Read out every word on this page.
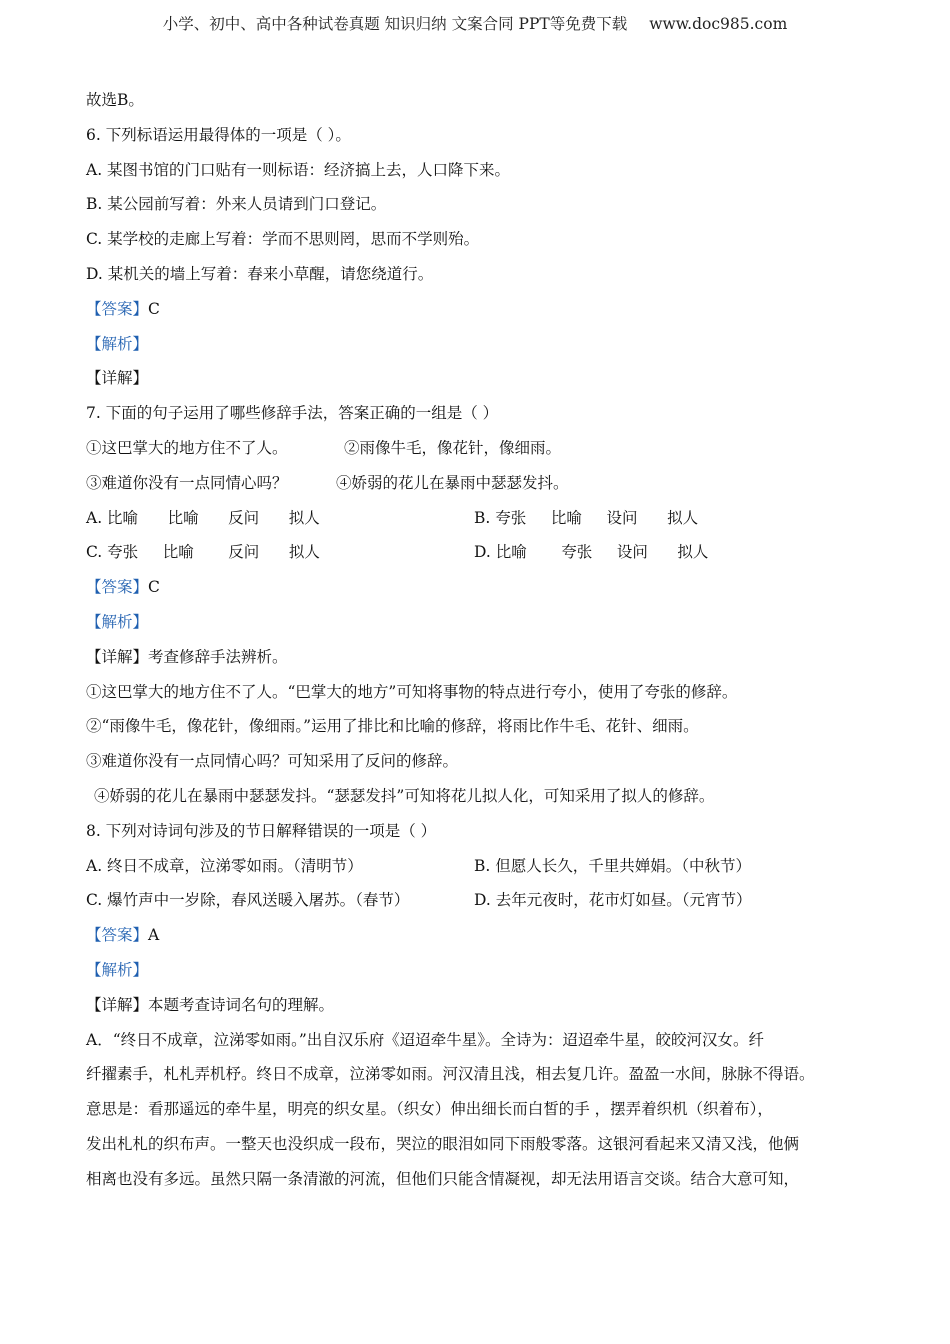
小学、初中、高中各种试卷真题 知识归纳 文案合同 PPT等免费下载 www.doc985.com
故选B。
6. 下列标语运用最得体的一项是（ ）。
A. 某图书馆的门口贴有一则标语：经济搞上去，人口降下来。
B. 某公园前写着：外来人员请到门口登记。
C. 某学校的走廊上写着：学而不思则罔，思而不学则殆。
D. 某机关的墙上写着：春来小草醒，请您绕道行。
【答案】C
【解析】
【详解】
7. 下面的句子运用了哪些修辞手法，答案正确的一组是（ ）
①这巴掌大的地方住不了人。	②雨像牛毛，像花针，像细雨。
③难道你没有一点同情心吗？	④娇弱的花儿在暴雨中瑟瑟发抖。
A. 比喻      比喻      反问      拟人	B. 夸张     比喻     设问      拟人
C. 夸张     比喻       反问      拟人	D. 比喻       夸张     设问      拟人
【答案】C
【解析】
【详解】考查修辞手法辨析。
①这巴掌大的地方住不了人。“巴掌大的地方”可知将事物的特点进行夸小，使用了夸张的修辞。
②“雨像牛毛，像花针，像细雨。”运用了排比和比喻的修辞，将雨比作牛毛、花针、细雨。
③难道你没有一点同情心吗？可知采用了反问的修辞。
④娇弱的花儿在暴雨中瑟瑟发抖。“瑟瑟发抖”可知将花儿拟人化，可知采用了拟人的修辞。
8. 下列对诗词句涉及的节日解释错误的一项是（ ）
A. 终日不成章，泣涕零如雨。（清明节）	B. 但愿人长久，千里共婵娟。（中秋节）
C. 爆竹声中一岁除，春风送暖入屠苏。（春节）	D. 去年元夜时，花市灯如昼。（元宵节）
【答案】A
【解析】
【详解】本题考查诗词名句的理解。
A．“终日不成章，泣涕零如雨。”出自汉乐府《迢迢牵牛星》。全诗为：迢迢牵牛星，皎皎河汉女。纤
纤擢素手，札札弄机杼。终日不成章，泣涕零如雨。河汉清且浅，相去复几许。盈盈一水间，脉脉不得语。
意思是：看那遥远的牵牛星，明亮的织女星。（织女）伸出细长而白皙的手 ，摆弄着织机（织着布），
发出札札的织布声。一整天也没织成一段布，哭泣的眼泪如同下雨般零落。这银河看起来又清又浅，他俩
相离也没有多远。虽然只隔一条清澈的河流，但他们只能含情凝视，却无法用语言交谈。结合大意可知，
